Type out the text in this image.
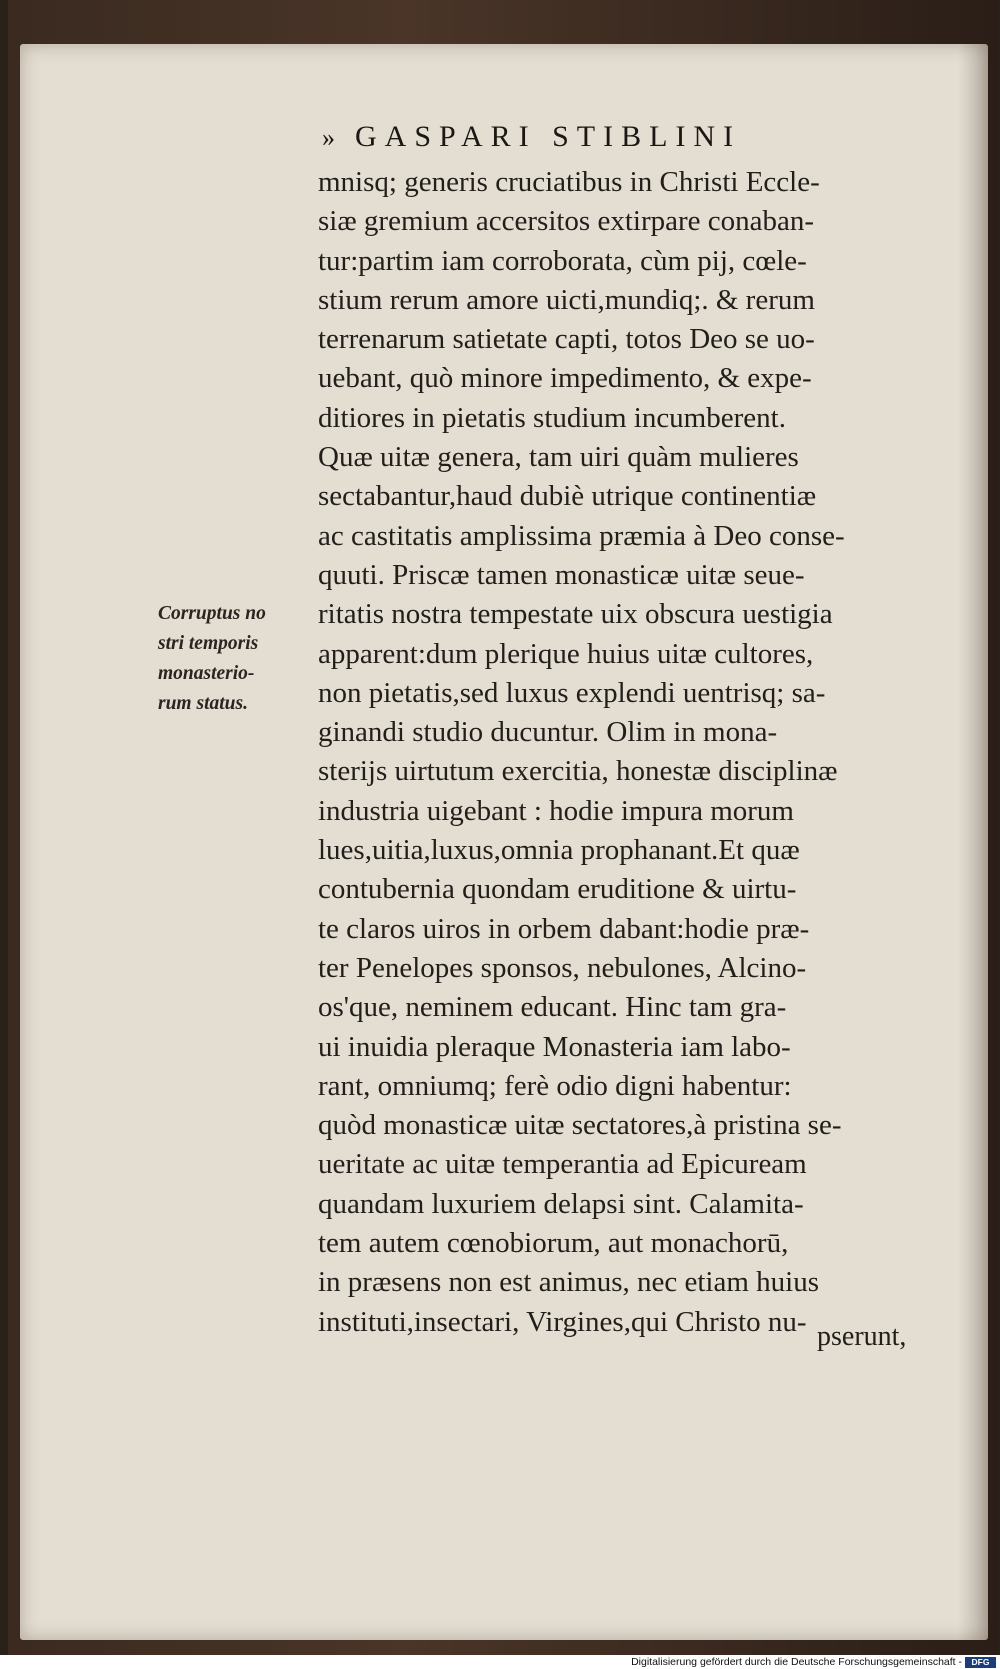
» GASPARI STIBLINI
Corruptus no
stri temporis
monasterio-
rum status.
mnisq; generis cruciatibus in Christi Eccle-
siæ gremium accersitos extirpare conaban-
tur:partim iam corroborata, cùm pij, cœle-
stium rerum amore uicti,mundiq;. & rerum
terrenarum satietate capti, totos Deo se uo-
uebant, quò minore impedimento, & expe-
ditiores in pietatis studium incumberent.
Quæ uitæ genera, tam uiri quàm mulieres
sectabantur,haud dubiè utrique continentiæ
ac castitatis amplissima præmia à Deo conse-
quuti. Priscæ tamen monasticæ uitæ seue-
ritatis nostra tempestate uix obscura uestigia
apparent:dum plerique huius uitæ cultores,
non pietatis,sed luxus explendi uentrisq; sa-
ginandi studio ducuntur. Olim in mona-
sterijs uirtutum exercitia, honestæ disciplinæ
industria uigebant : hodie impura morum
lues,uitia,luxus,omnia prophanant.Et quæ
contubernia quondam eruditione & uirtu-
te claros uiros in orbem dabant:hodie præ-
ter Penelopes sponsos, nebulones, Alcino-
os'que, neminem educant. Hinc tam gra-
ui inuidia pleraque Monasteria iam labo-
rant, omniumq; ferè odio digni habentur:
quòd monasticæ uitæ sectatores,à pristina se-
ueritate ac uitæ temperantia ad Epicuream
quandam luxuriem delapsi sint. Calamita-
tem autem cœnobiorum, aut monachorū,
in præsens non est animus, nec etiam huius
instituti,insectari, Virgines,qui Christo nu- pserunt,
Digitalisierung gefördert durch die Deutsche Forschungsgemeinschaft -	DFG
